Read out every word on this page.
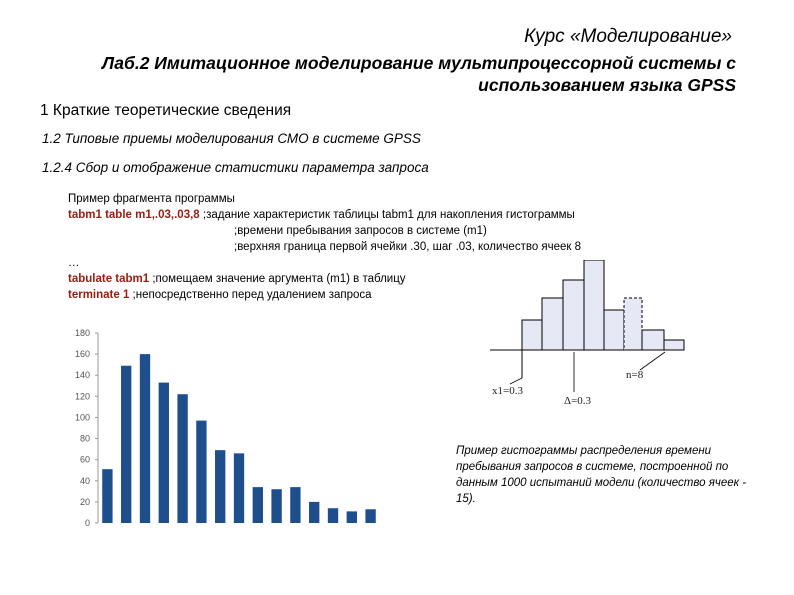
Курс «Моделирование»
Лаб.2 Имитационное моделирование мультипроцессорной системы с использованием языка GPSS
1 Краткие теоретические сведения
1.2 Типовые приемы моделирования СМО в системе GPSS
1.2.4 Сбор и отображение статистики параметра запроса
Пример фрагмента программы
tabm1 table m1,.03,.03,8 ;задание характеристик таблицы tabm1 для накопления гистограммы
;времени пребывания запросов в системе (m1)
;верхняя граница первой ячейки .30, шаг .03, количество ячеек 8
…
tabulate tabm1 ;помещаем значение аргумента (m1) в таблицу
terminate 1 ;непосредственно перед удалением запроса
x1=0.3
Δ=0.3
n=8
Пример гистограммы распределения времени пребывания запросов в системе, построенной по данным 1000 испытаний модели (количество ячеек - 15).
0
20
40
60
80
100
120
140
160
180
